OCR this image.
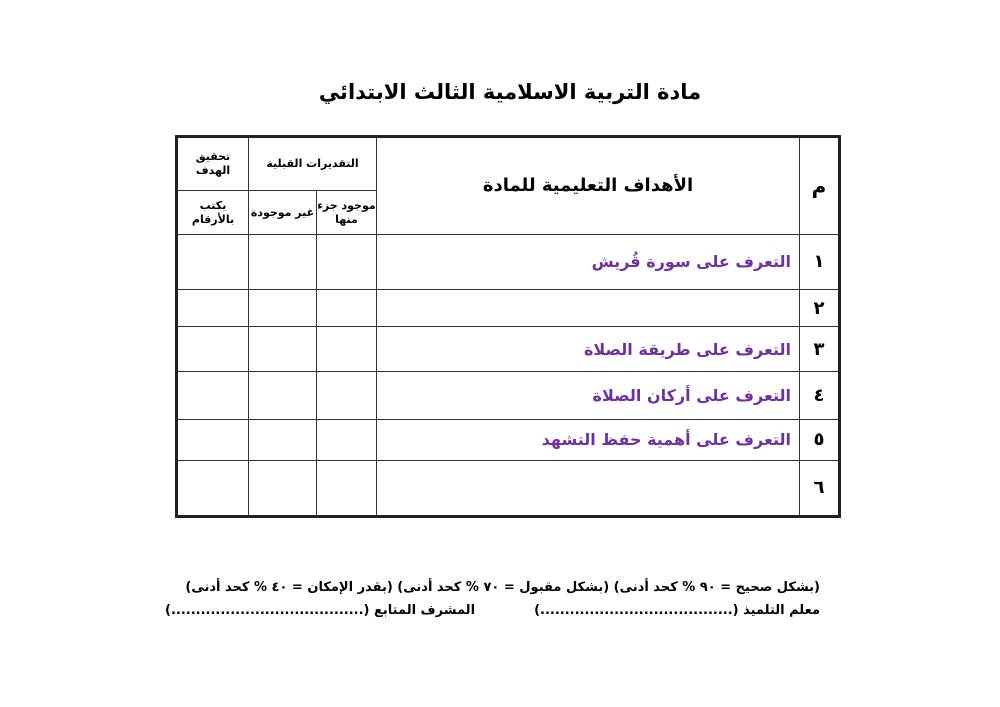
مادة التربية الاسلامية الثالث الابتدائي
م	الأهداف التعليمية للمادة	التقديرات القبلية		تحقيق الهدف
		موجود جزء منها	غير موجودة	يكتب بالأرقام
١	التعرف على سورة قُريش			
٢				
٣	التعرف على طريقة الصلاة			
٤	التعرف على أركان الصلاة			
٥	التعرف على أهمية حفظ التشهد			
٦				
(بشكل صحيح = ٩٠ % كحد أدنى) (بشكل مقبول = ٧٠ % كحد أدنى) (بقدر الإمكان = ٤٠ % كحد أدنى)
معلم التلميذ (.......................................)  المشرف المتابع (.......................................)
